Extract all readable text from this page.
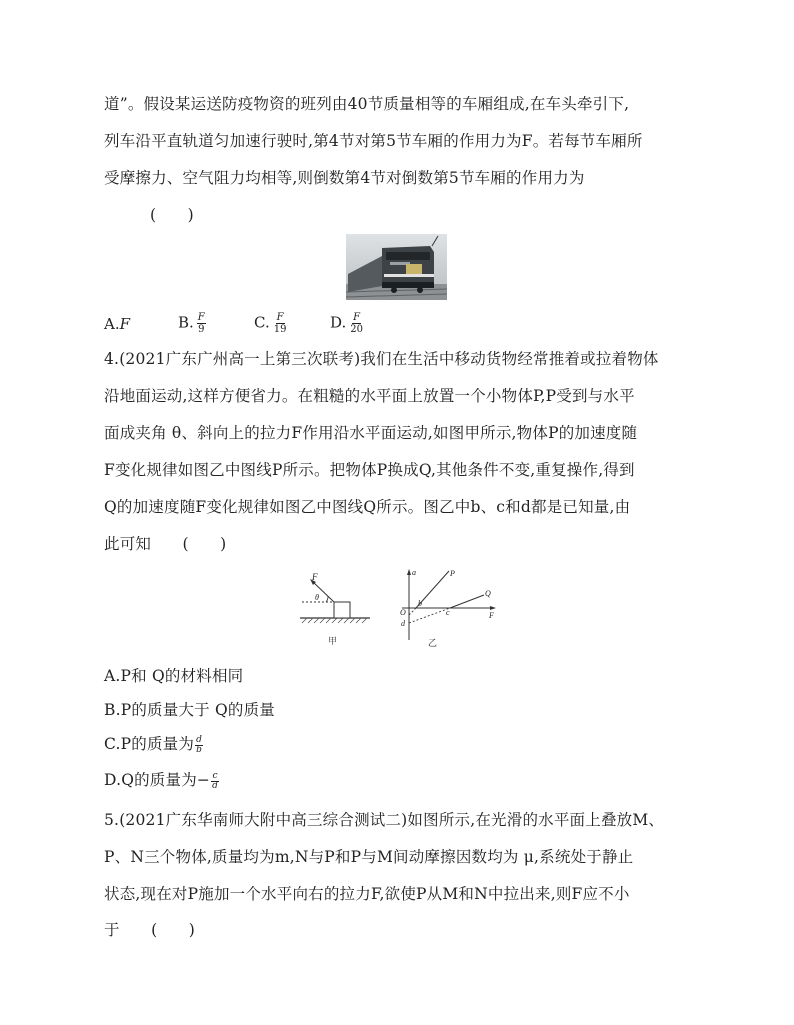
道”。假设某运送防疫物资的班列由40节质量相等的车厢组成,在车头牵引下,
列车沿平直轨道匀加速行驶时,第4节对第5节车厢的作用力为F。若每节车厢所
受摩擦力、空气阻力均相等,则倒数第4节对倒数第5节车厢的作用力为
(　　)
A.F	B. $\frac{F}{9}$	C. $\frac{F}{19}$	D. $\frac{F}{20}$
4.(2021广东广州高一上第三次联考)我们在生活中移动货物经常推着或拉着物体
沿地面运动,这样方便省力。在粗糙的水平面上放置一个小物体P,P受到与水平
面成夹角 θ、斜向上的拉力F作用沿水平面运动,如图甲所示,物体P的加速度随
F变化规律如图乙中图线P所示。把物体P换成Q,其他条件不变,重复操作,得到
Q的加速度随F变化规律如图乙中图线Q所示。图乙中b、c和d都是已知量,由
此可知　　(　　)
F
θ
甲
a	P
Q
O
b
c
d
F
乙
A.P和 Q的材料相同
B.P的质量大于 Q的质量
C.P的质量为 $\frac{d}{b}$
D.Q的质量为− $\frac{c}{d}$
5.(2021广东华南师大附中高三综合测试二)如图所示,在光滑的水平面上叠放M、
P、N三个物体,质量均为m,N与P和P与M间动摩擦因数均为 μ,系统处于静止
状态,现在对P施加一个水平向右的拉力F,欲使P从M和N中拉出来,则F应不小
于　　(　　)
